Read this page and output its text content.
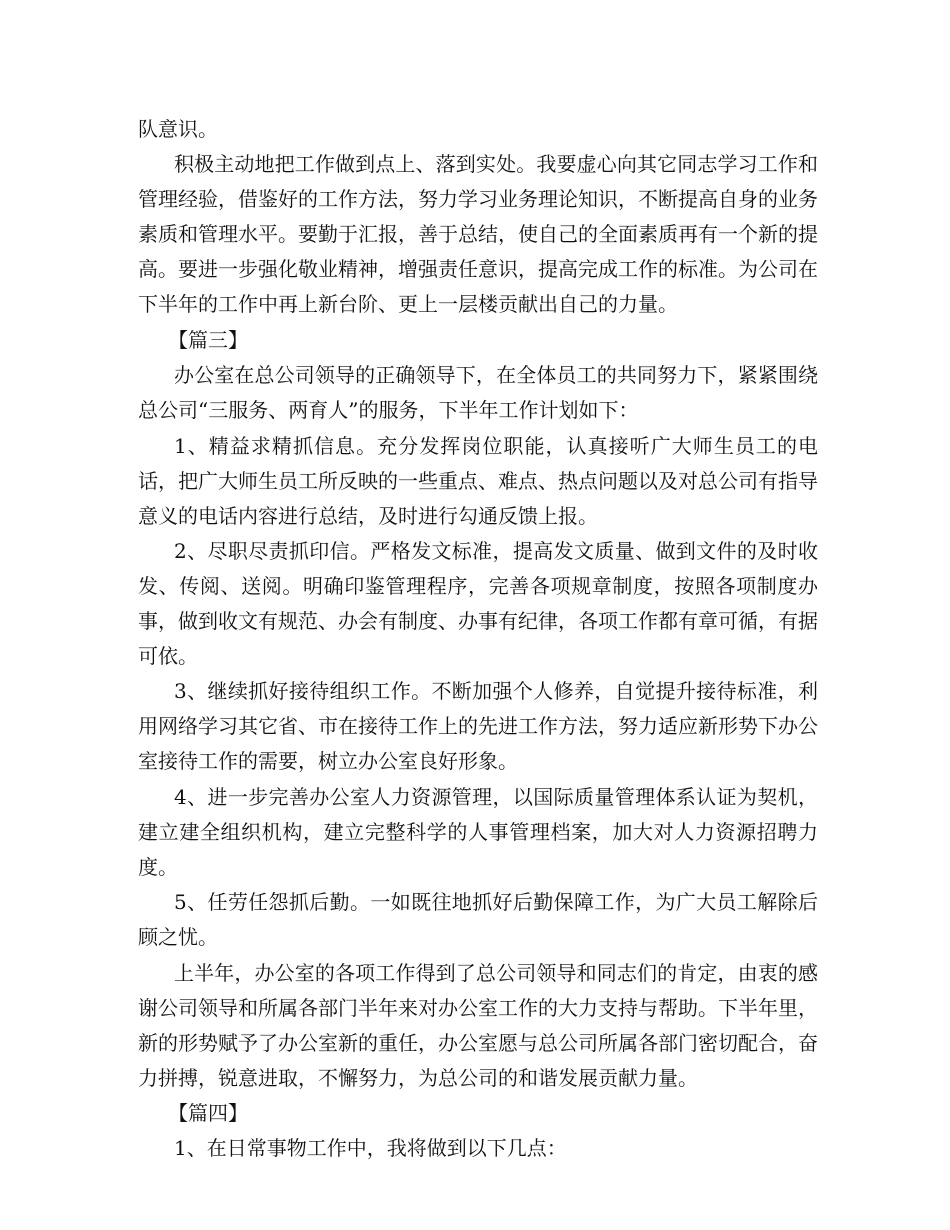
队意识。

积极主动地把工作做到点上、落到实处。我要虚心向其它同志学习工作和管理经验，借鉴好的工作方法，努力学习业务理论知识，不断提高自身的业务素质和管理水平。要勤于汇报，善于总结，使自己的全面素质再有一个新的提高。要进一步强化敬业精神，增强责任意识，提高完成工作的标准。为公司在下半年的工作中再上新台阶、更上一层楼贡献出自己的力量。

【篇三】

办公室在总公司领导的正确领导下，在全体员工的共同努力下，紧紧围绕总公司“三服务、两育人”的服务，下半年工作计划如下：

1、精益求精抓信息。充分发挥岗位职能，认真接听广大师生员工的电话，把广大师生员工所反映的一些重点、难点、热点问题以及对总公司有指导意义的电话内容进行总结，及时进行勾通反馈上报。

2、尽职尽责抓印信。严格发文标准，提高发文质量、做到文件的及时收发、传阅、送阅。明确印鉴管理程序，完善各项规章制度，按照各项制度办事，做到收文有规范、办会有制度、办事有纪律，各项工作都有章可循，有据可依。

3、继续抓好接待组织工作。不断加强个人修养，自觉提升接待标准，利用网络学习其它省、市在接待工作上的先进工作方法，努力适应新形势下办公室接待工作的需要，树立办公室良好形象。

4、进一步完善办公室人力资源管理，以国际质量管理体系认证为契机，建立建全组织机构，建立完整科学的人事管理档案，加大对人力资源招聘力度。

5、任劳任怨抓后勤。一如既往地抓好后勤保障工作，为广大员工解除后顾之忧。

上半年，办公室的各项工作得到了总公司领导和同志们的肯定，由衷的感谢公司领导和所属各部门半年来对办公室工作的大力支持与帮助。下半年里，新的形势赋予了办公室新的重任，办公室愿与总公司所属各部门密切配合，奋力拼搏，锐意进取，不懈努力，为总公司的和谐发展贡献力量。

【篇四】

1、在日常事物工作中，我将做到以下几点：
